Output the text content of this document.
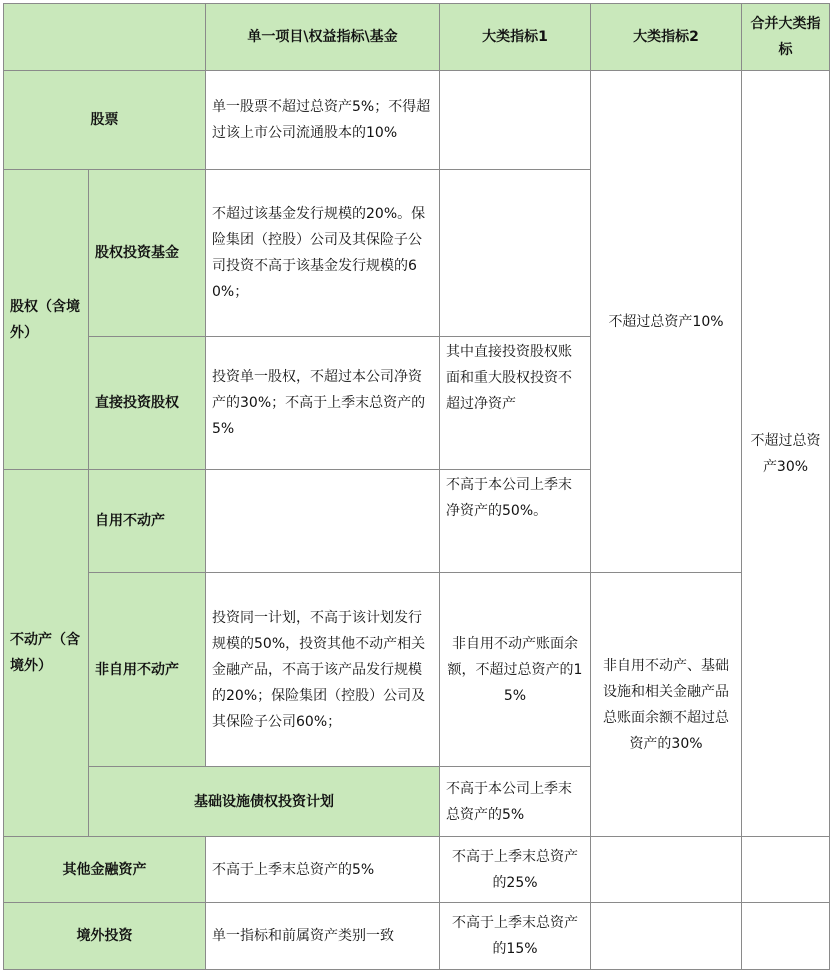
		单一项目\权益指标\基金	大类指标1	大类指标2	合并大类指标	
股票		单一股票不超过总资产5%；不得超过该上市公司流通股本的10%		不超过总资产10%	不超过总资产30%	
股权（含境外）	股权投资基金	不超过该基金发行规模的20%。保险集团（控股）公司及其保险子公司投资不高于该基金发行规模的60%；				
	直接投资股权	投资单一股权，不超过本公司净资产的30%；不高于上季末总资产的5%	其中直接投资股权账面和重大股权投资不超过净资产			
不动产（含境外）	自用不动产		不高于本公司上季末净资产的50%。			
	非自用不动产	投资同一计划，不高于该计划发行规模的50%，投资其他不动产相关金融产品，不高于该产品发行规模的20%；保险集团（控股）公司及其保险子公司60%；	非自用不动产账面余额，不超过总资产的15%	非自用不动产、基础设施和相关金融产品总账面余额不超过总资产的30%		
	基础设施债权投资计划		不高于本公司上季末总资产的5%			
其他金融资产		不高于上季末总资产的5%	不高于上季末总资产的25%			
境外投资		单一指标和前属资产类别一致	不高于上季末总资产的15%			
